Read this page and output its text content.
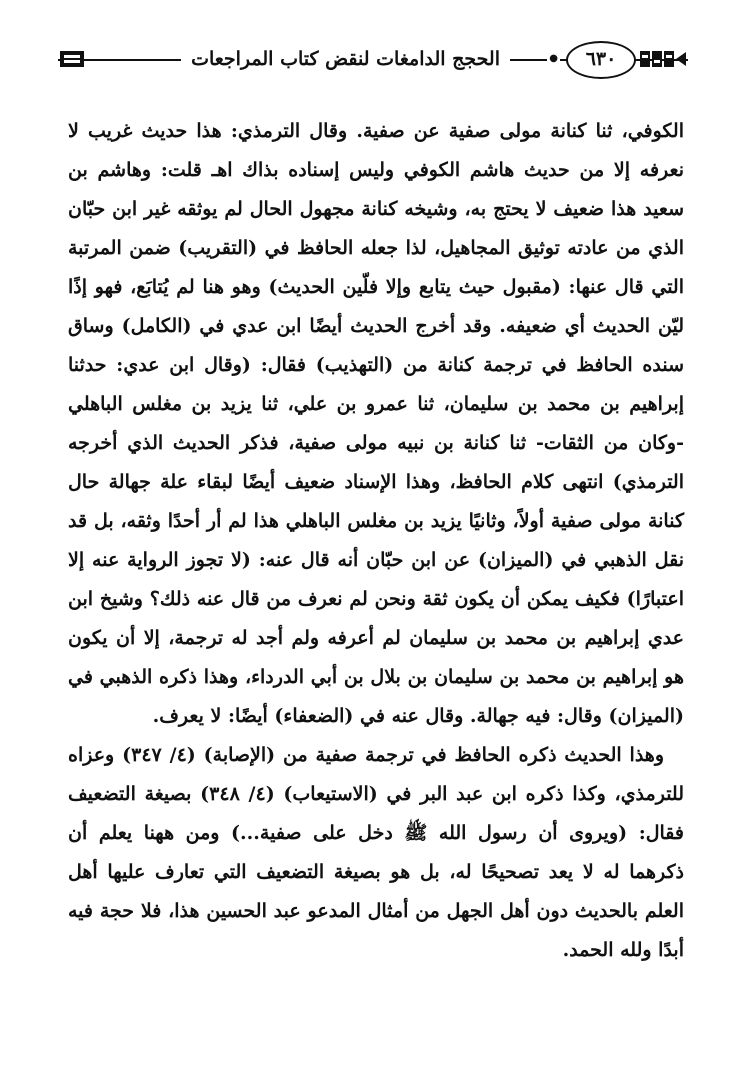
٦٣٠
●
الحجج الدامغات لنقض كتاب المراجعات

الكوفي، ثنا كنانة مولى صفية عن صفية. وقال الترمذي: هذا حديث غريب لا نعرفه إلا من حديث هاشم الكوفي وليس إسناده بذاك اهـ قلت: وهاشم بن سعيد هذا ضعيف لا يحتج به، وشيخه كنانة مجهول الحال لم يوثقه غير ابن حبّان الذي من عادته توثيق المجاهيل، لذا جعله الحافظ في (التقريب) ضمن المرتبة التي قال عنها: (مقبول حيث يتابع وإلا فلّين الحديث) وهو هنا لم يُتابَع، فهو إذًا ليّن الحديث أي ضعيفه. وقد أخرج الحديث أيضًا ابن عدي في (الكامل) وساق سنده الحافظ في ترجمة كنانة من (التهذيب) فقال: (وقال ابن عدي: حدثنا إبراهيم بن محمد بن سليمان، ثنا عمرو بن علي، ثنا يزيد بن مغلس الباهلي -وكان من الثقات- ثنا كنانة بن نبيه مولى صفية، فذكر الحديث الذي أخرجه الترمذي) انتهى كلام الحافظ، وهذا الإسناد ضعيف أيضًا لبقاء علة جهالة حال كنانة مولى صفية أولاً، وثانيًا يزيد بن مغلس الباهلي هذا لم أر أحدًا وثقه، بل قد نقل الذهبي في (الميزان) عن ابن حبّان أنه قال عنه: (لا تجوز الرواية عنه إلا اعتبارًا) فكيف يمكن أن يكون ثقة ونحن لم نعرف من قال عنه ذلك؟ وشيخ ابن عدي إبراهيم بن محمد بن سليمان لم أعرفه ولم أجد له ترجمة، إلا أن يكون هو إبراهيم بن محمد بن سليمان بن بلال بن أبي الدرداء، وهذا ذكره الذهبي في (الميزان) وقال: فيه جهالة. وقال عنه في (الضعفاء) أيضًا: لا يعرف.

وهذا الحديث ذكره الحافظ في ترجمة صفية من (الإصابة) (٤/ ٣٤٧) وعزاه للترمذي، وكذا ذكره ابن عبد البر في (الاستيعاب) (٤/ ٣٤٨) بصيغة التضعيف فقال: (ويروى أن رسول الله ﷺ دخل على صفية...) ومن ههنا يعلم أن ذكرهما له لا يعد تصحيحًا له، بل هو بصيغة التضعيف التي تعارف عليها أهل العلم بالحديث دون أهل الجهل من أمثال المدعو عبد الحسين هذا، فلا حجة فيه أبدًا ولله الحمد.
